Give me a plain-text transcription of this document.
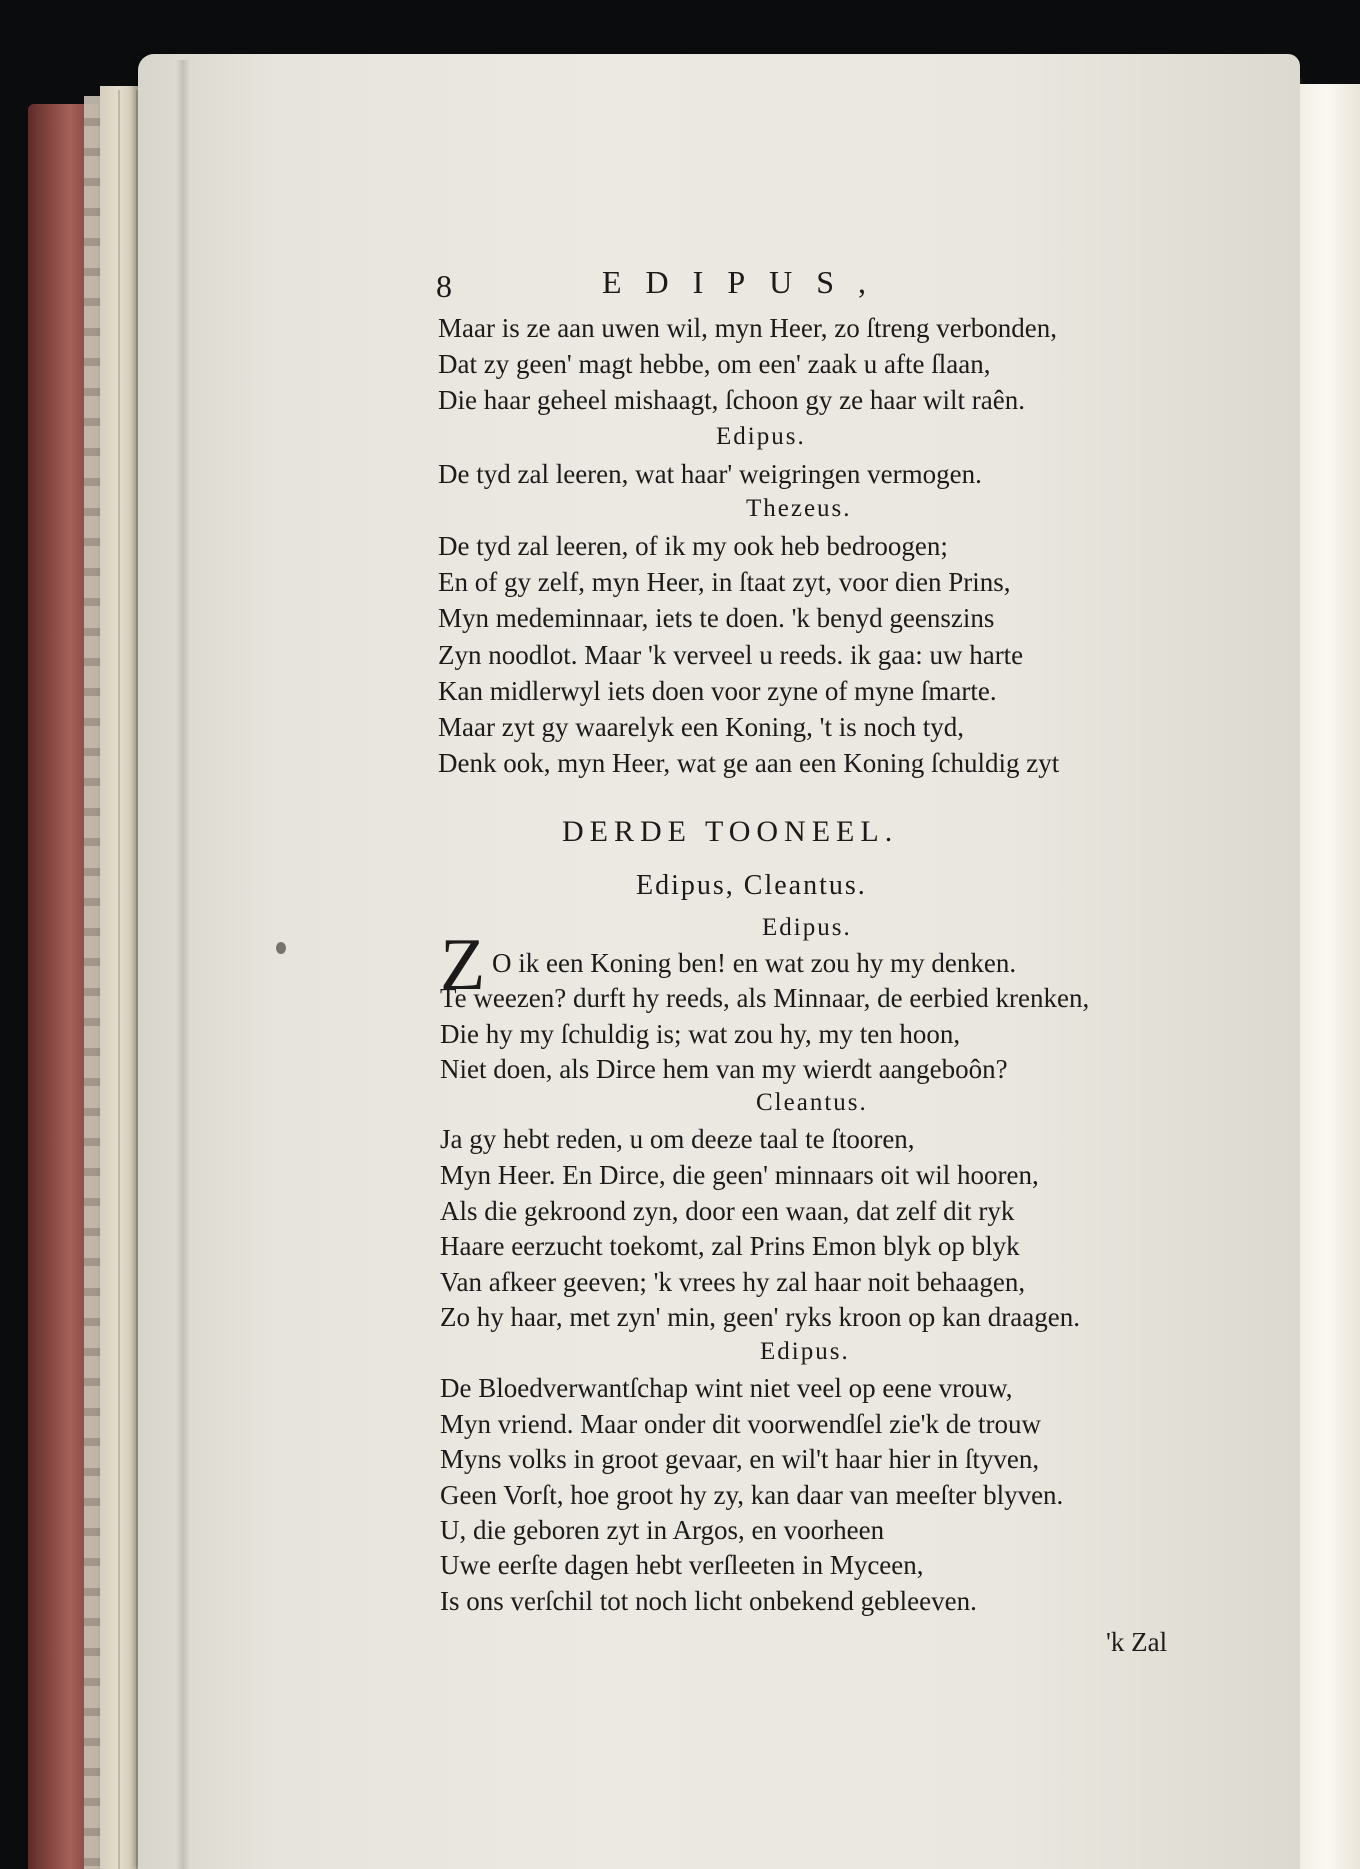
8	EDIPUS,
Maar is ze aan uwen wil, myn Heer, zo ſtreng verbonden,
Dat zy geen' magt hebbe, om een' zaak u afte ſlaan,
Die haar geheel mishaagt, ſchoon gy ze haar wilt raên.
Edipus.
De tyd zal leeren, wat haar' weigringen vermogen.
Thezeus.
De tyd zal leeren, of ik my ook heb bedroogen;
En of gy zelf, myn Heer, in ſtaat zyt, voor dien Prins,
Myn medeminnaar, iets te doen. 'k benyd geenszins
Zyn noodlot. Maar 'k verveel u reeds. ik gaa: uw harte
Kan midlerwyl iets doen voor zyne of myne ſmarte.
Maar zyt gy waarelyk een Koning, 't is noch tyd,
Denk ook, myn Heer, wat ge aan een Koning ſchuldig zyt
DERDE TOONEEL.
Edipus, Cleantus.
Edipus.
Z O ik een Koning ben! en wat zou hy my denken.
Te weezen? durft hy reeds, als Minnaar, de eerbied krenken,
Die hy my ſchuldig is; wat zou hy, my ten hoon,
Niet doen, als Dirce hem van my wierdt aangeboôn?
Cleantus.
Ja gy hebt reden, u om deeze taal te ſtooren,
Myn Heer. En Dirce, die geen' minnaars oit wil hooren,
Als die gekroond zyn, door een waan, dat zelf dit ryk
Haare eerzucht toekomt, zal Prins Emon blyk op blyk
Van afkeer geeven; 'k vrees hy zal haar noit behaagen,
Zo hy haar, met zyn' min, geen' ryks kroon op kan draagen.
Edipus.
De Bloedverwantſchap wint niet veel op eene vrouw,
Myn vriend. Maar onder dit voorwendſel zie'k de trouw
Myns volks in groot gevaar, en wil't haar hier in ſtyven,
Geen Vorſt, hoe groot hy zy, kan daar van meeſter blyven.
U, die geboren zyt in Argos, en voorheen
Uwe eerſte dagen hebt verſleeten in Myceen,
Is ons verſchil tot noch licht onbekend gebleeven.
'k Zal
